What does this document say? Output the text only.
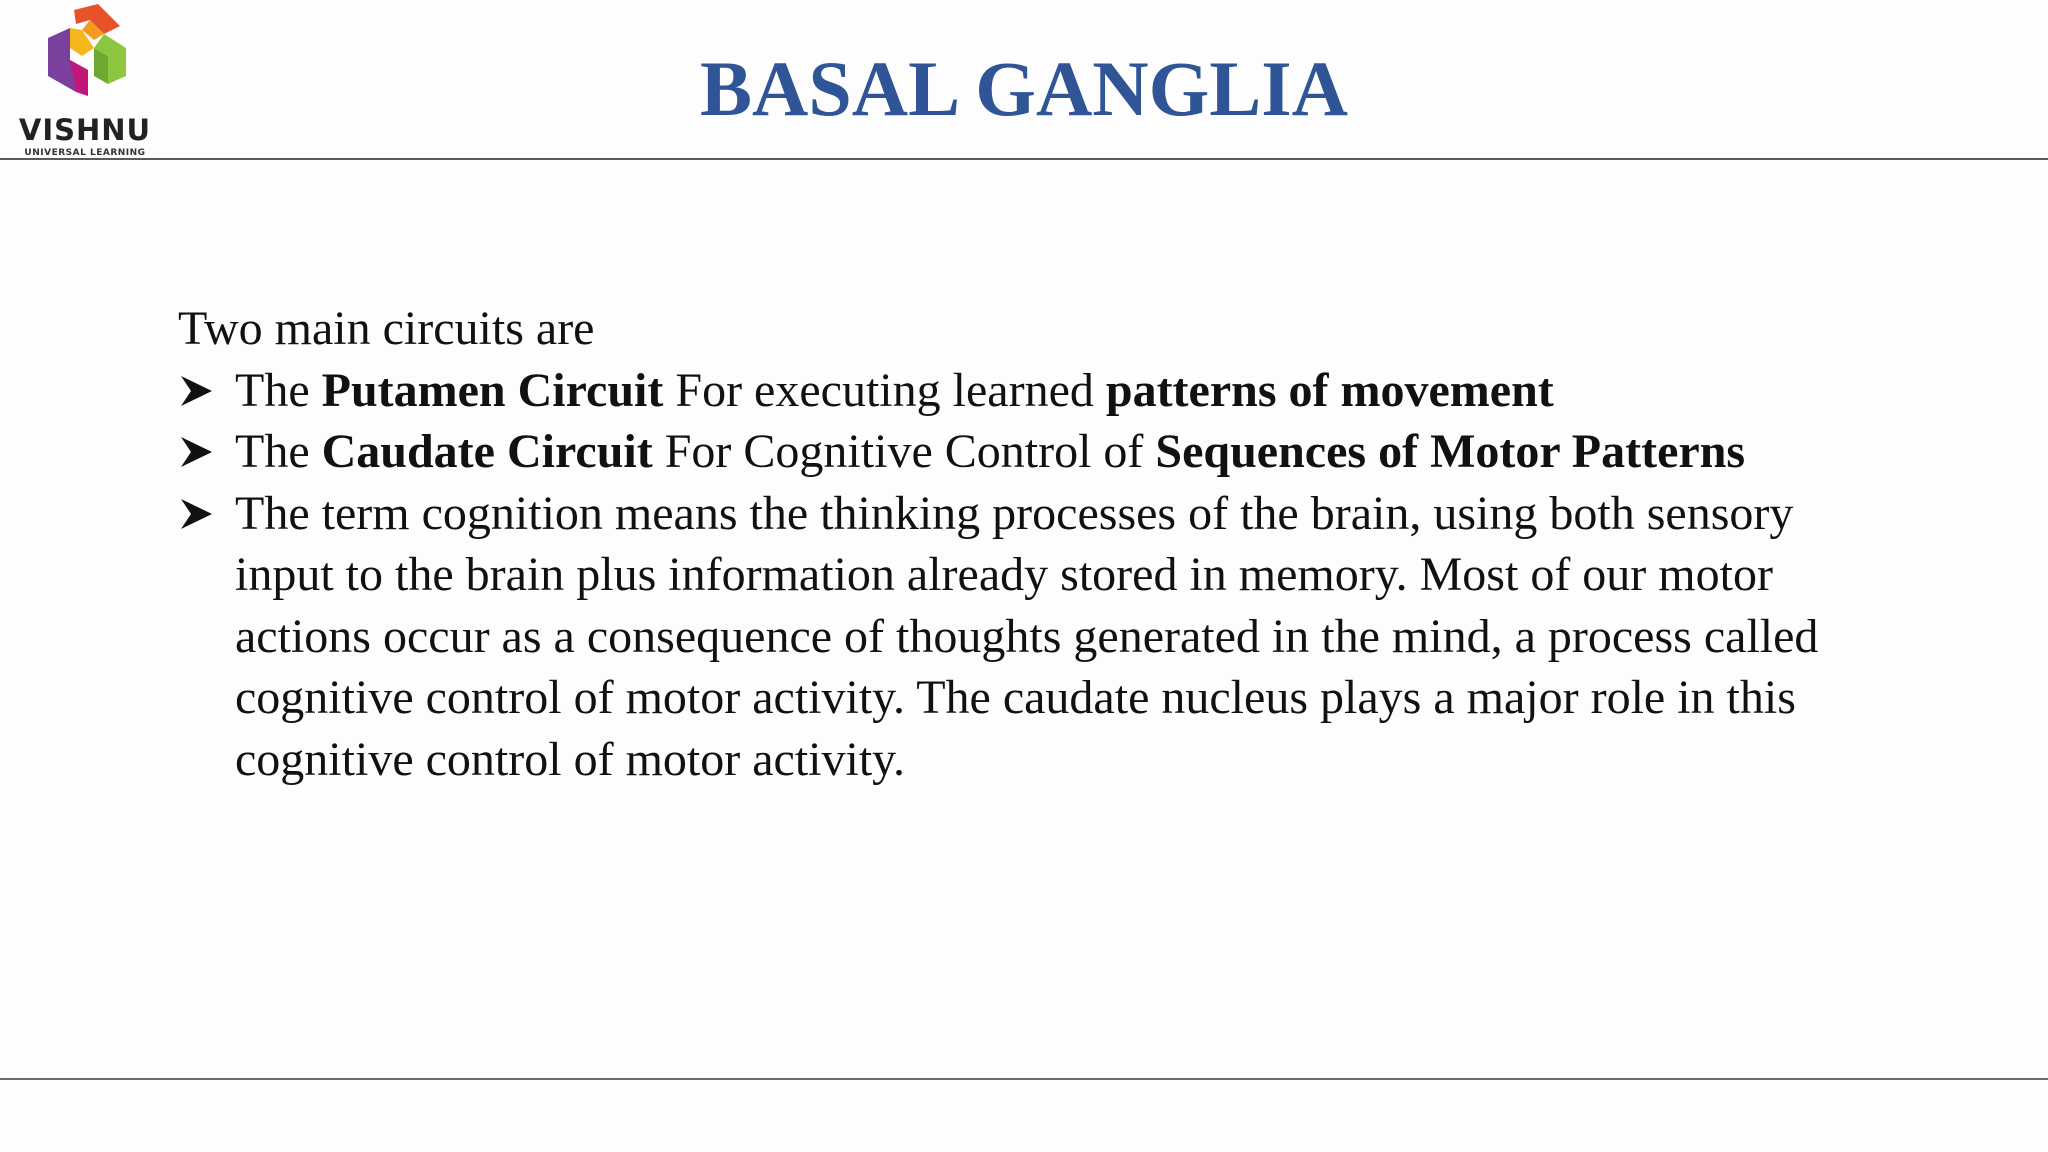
VISHNU
UNIVERSAL LEARNING
BASAL GANGLIA

Two main circuits are

The Putamen Circuit For executing learned patterns of movement
The Caudate Circuit For Cognitive Control of Sequences of Motor Patterns
The term cognition means the thinking processes of the brain, using both sensory input to the brain plus information already stored in memory. Most of our motor actions occur as a consequence of thoughts generated in the mind, a process called cognitive control of motor activity. The caudate nucleus plays a major role in this cognitive control of motor activity.
